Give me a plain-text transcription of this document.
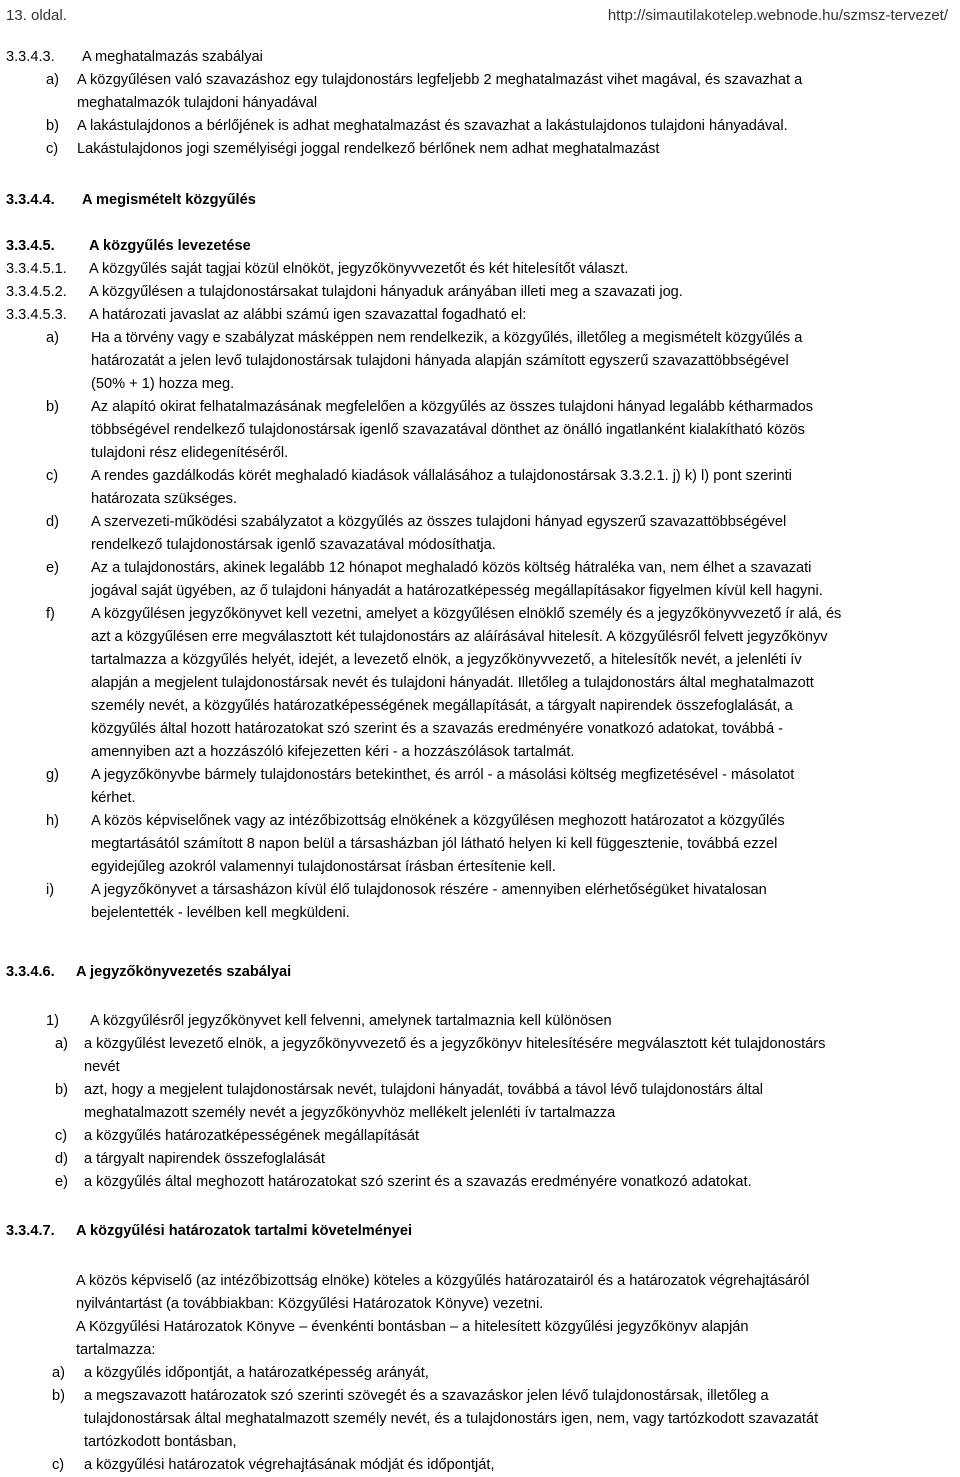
13. oldal.	http://simautilakotelep.webnode.hu/szmsz-tervezet/
3.3.4.3. A meghatalmazás szabályai
a) A közgyűlésen való szavazáshoz egy tulajdonostárs legfeljebb 2 meghatalmazást vihet magával, és szavazhat a
meghatalmazók tulajdoni hányadával
b) A lakástulajdonos a bérlőjének is adhat meghatalmazást és szavazhat a lakástulajdonos tulajdoni hányadával.
c) Lakástulajdonos jogi személyiségi joggal rendelkező bérlőnek nem adhat meghatalmazást
3.3.4.4. A megismételt közgyűlés
3.3.4.5. A közgyűlés levezetése
3.3.4.5.1. A közgyűlés saját tagjai közül elnököt, jegyzőkönyvvezetőt és két hitelesítőt választ.
3.3.4.5.2. A közgyűlésen a tulajdonostársakat tulajdoni hányaduk arányában illeti meg a szavazati jog.
3.3.4.5.3. A határozati javaslat az alábbi számú igen szavazattal fogadható el:
a) Ha a törvény vagy e szabályzat másképpen nem rendelkezik, a közgyűlés, illetőleg a megismételt közgyűlés a
határozatát a jelen levő tulajdonostársak tulajdoni hányada alapján számított egyszerű szavazattöbbségével
(50% + 1) hozza meg.
b) Az alapító okirat felhatalmazásának megfelelően a közgyűlés az összes tulajdoni hányad legalább kétharmados
többségével rendelkező tulajdonostársak igenlő szavazatával dönthet az önálló ingatlanként kialakítható közös
tulajdoni rész elidegenítéséről.
c) A rendes gazdálkodás körét meghaladó kiadások vállalásához a tulajdonostársak 3.3.2.1. j) k) l) pont szerinti
határozata szükséges.
d) A szervezeti-működési szabályzatot a közgyűlés az összes tulajdoni hányad egyszerű szavazattöbbségével
rendelkező tulajdonostársak igenlő szavazatával módosíthatja.
e) Az a tulajdonostárs, akinek legalább 12 hónapot meghaladó közös költség hátraléka van, nem élhet a szavazati
jogával saját ügyében, az ő tulajdoni hányadát a határozatképesség megállapításakor figyelmen kívül kell hagyni.
f) A közgyűlésen jegyzőkönyvet kell vezetni, amelyet a közgyűlésen elnöklő személy és a jegyzőkönyvvezető ír alá, és
azt a közgyűlésen erre megválasztott két tulajdonostárs az aláírásával hitelesít. A közgyűlésről felvett jegyzőkönyv
tartalmazza a közgyűlés helyét, idejét, a levezető elnök, a jegyzőkönyvvezető, a hitelesítők nevét, a jelenléti ív
alapján a megjelent tulajdonostársak nevét és tulajdoni hányadát. Illetőleg a tulajdonostárs által meghatalmazott
személy nevét, a közgyűlés határozatképességének megállapítását, a tárgyalt napirendek összefoglalását, a
közgyűlés által hozott határozatokat szó szerint és a szavazás eredményére vonatkozó adatokat, továbbá -
amennyiben azt a hozzászóló kifejezetten kéri - a hozzászólások tartalmát.
g) A jegyzőkönyvbe bármely tulajdonostárs betekinthet, és arról - a másolási költség megfizetésével - másolatot
kérhet.
h) A közös képviselőnek vagy az intézőbizottság elnökének a közgyűlésen meghozott határozatot a közgyűlés
megtartásától számított 8 napon belül a társasházban jól látható helyen ki kell függesztenie, továbbá ezzel
egyidejűleg azokról valamennyi tulajdonostársat írásban értesítenie kell.
i)	A jegyzőkönyvet a társasházon kívül élő tulajdonosok részére - amennyiben elérhetőségüket hivatalosan
bejelentették - levélben kell megküldeni.
3.3.4.6. A jegyzőkönyvezetés szabályai
1) A közgyűlésről jegyzőkönyvet kell felvenni, amelynek tartalmaznia kell különösen
a) a közgyűlést levezető elnök, a jegyzőkönyvvezető és a jegyzőkönyv hitelesítésére megválasztott két tulajdonostárs
nevét
b) azt, hogy a megjelent tulajdonostársak nevét, tulajdoni hányadát, továbbá a távol lévő tulajdonostárs által
meghatalmazott személy nevét a jegyzőkönyvhöz mellékelt jelenléti ív tartalmazza
c) a közgyűlés határozatképességének megállapítását
d) a tárgyalt napirendek összefoglalását
e) a közgyűlés által meghozott határozatokat szó szerint és a szavazás eredményére vonatkozó adatokat.
3.3.4.7. A közgyűlési határozatok tartalmi követelményei
A közös képviselő (az intézőbizottság elnöke) köteles a közgyűlés határozatairól és a határozatok végrehajtásáról
nyilvántartást (a továbbiakban: Közgyűlési Határozatok Könyve) vezetni.
A Közgyűlési Határozatok Könyve – évenkénti bontásban – a hitelesített közgyűlési jegyzőkönyv alapján
tartalmazza:
a) a közgyűlés időpontját, a határozatképesség arányát,
b) a megszavazott határozatok szó szerinti szövegét és a szavazáskor jelen lévő tulajdonostársak, illetőleg a
tulajdonostársak által meghatalmazott személy nevét, és a tulajdonostárs igen, nem, vagy tartózkodott szavazatát
tartózkodott bontásban,
c) a közgyűlési határozatok végrehajtásának módját és időpontját,
